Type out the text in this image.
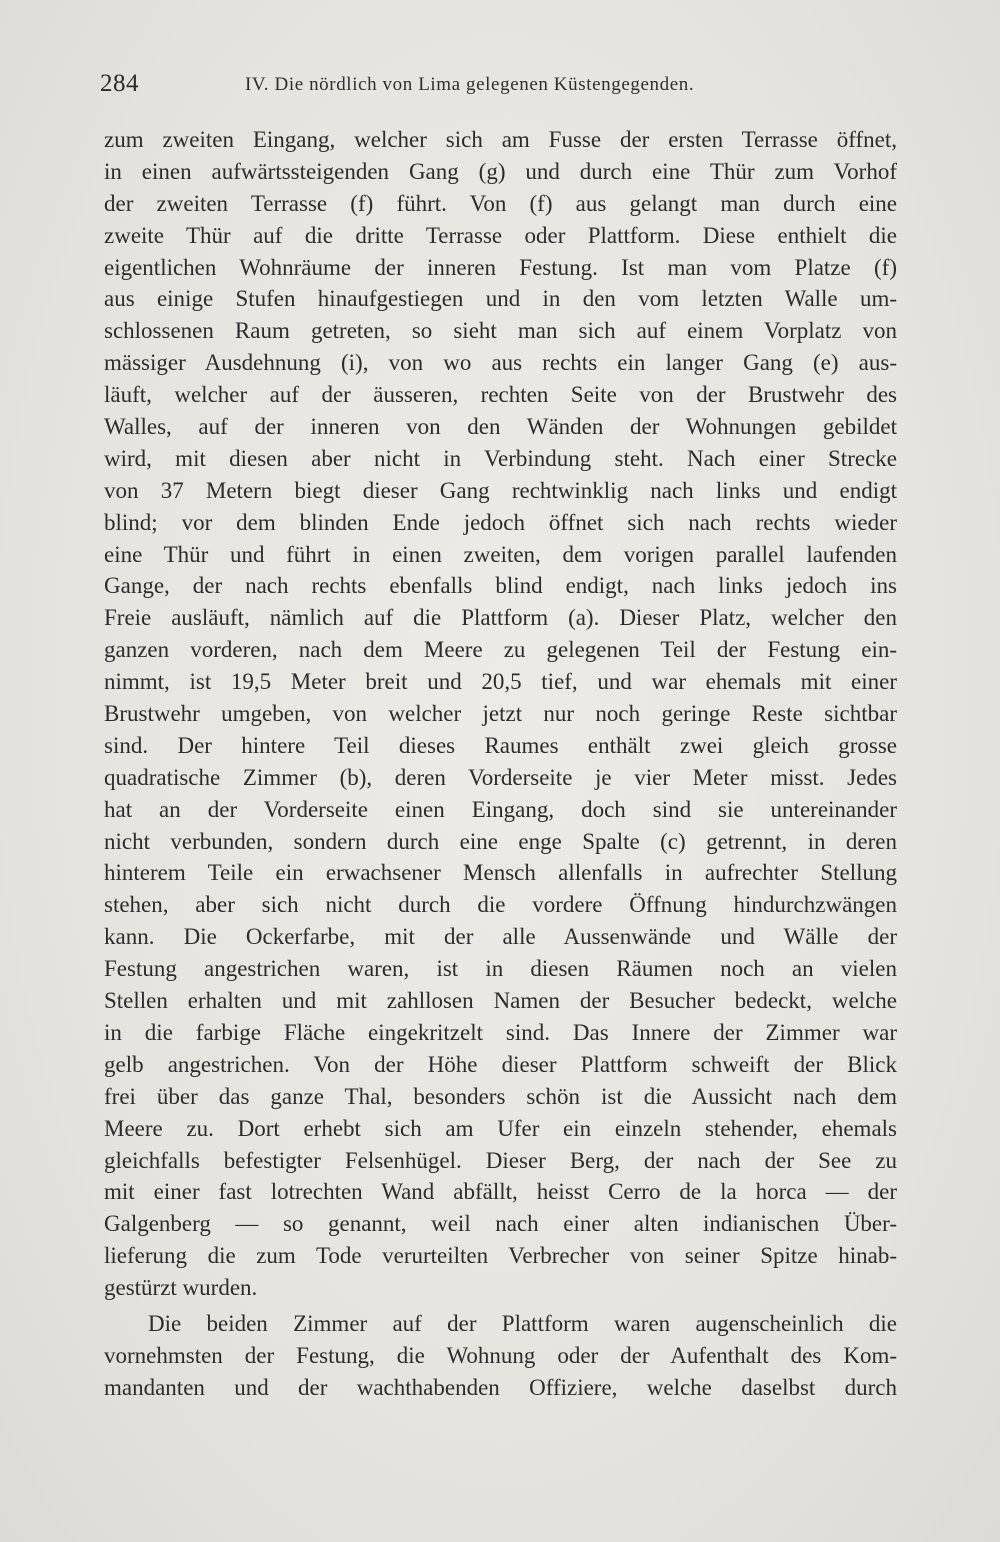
284	IV. Die nördlich von Lima gelegenen Küstengegenden.
zum zweiten Eingang, welcher sich am Fusse der ersten Terrasse öffnet,
in einen aufwärtssteigenden Gang (g) und durch eine Thür zum Vorhof
der zweiten Terrasse (f) führt. Von (f) aus gelangt man durch eine
zweite Thür auf die dritte Terrasse oder Plattform. Diese enthielt die
eigentlichen Wohnräume der inneren Festung. Ist man vom Platze (f)
aus einige Stufen hinaufgestiegen und in den vom letzten Walle um-
schlossenen Raum getreten, so sieht man sich auf einem Vorplatz von
mässiger Ausdehnung (i), von wo aus rechts ein langer Gang (e) aus-
läuft, welcher auf der äusseren, rechten Seite von der Brustwehr des
Walles, auf der inneren von den Wänden der Wohnungen gebildet
wird, mit diesen aber nicht in Verbindung steht. Nach einer Strecke
von 37 Metern biegt dieser Gang rechtwinklig nach links und endigt
blind; vor dem blinden Ende jedoch öffnet sich nach rechts wieder
eine Thür und führt in einen zweiten, dem vorigen parallel laufenden
Gange, der nach rechts ebenfalls blind endigt, nach links jedoch ins
Freie ausläuft, nämlich auf die Plattform (a). Dieser Platz, welcher den
ganzen vorderen, nach dem Meere zu gelegenen Teil der Festung ein-
nimmt, ist 19,5 Meter breit und 20,5 tief, und war ehemals mit einer
Brustwehr umgeben, von welcher jetzt nur noch geringe Reste sichtbar
sind. Der hintere Teil dieses Raumes enthält zwei gleich grosse
quadratische Zimmer (b), deren Vorderseite je vier Meter misst. Jedes
hat an der Vorderseite einen Eingang, doch sind sie untereinander
nicht verbunden, sondern durch eine enge Spalte (c) getrennt, in deren
hinterem Teile ein erwachsener Mensch allenfalls in aufrechter Stellung
stehen, aber sich nicht durch die vordere Öffnung hindurchzwängen
kann. Die Ockerfarbe, mit der alle Aussenwände und Wälle der
Festung angestrichen waren, ist in diesen Räumen noch an vielen
Stellen erhalten und mit zahllosen Namen der Besucher bedeckt, welche
in die farbige Fläche eingekritzelt sind. Das Innere der Zimmer war
gelb angestrichen. Von der Höhe dieser Plattform schweift der Blick
frei über das ganze Thal, besonders schön ist die Aussicht nach dem
Meere zu. Dort erhebt sich am Ufer ein einzeln stehender, ehemals
gleichfalls befestigter Felsenhügel. Dieser Berg, der nach der See zu
mit einer fast lotrechten Wand abfällt, heisst Cerro de la horca — der
Galgenberg — so genannt, weil nach einer alten indianischen Über-
lieferung die zum Tode verurteilten Verbrecher von seiner Spitze hinab-
gestürzt wurden.
Die beiden Zimmer auf der Plattform waren augenscheinlich die
vornehmsten der Festung, die Wohnung oder der Aufenthalt des Kom-
mandanten und der wachthabenden Offiziere, welche daselbst durch
